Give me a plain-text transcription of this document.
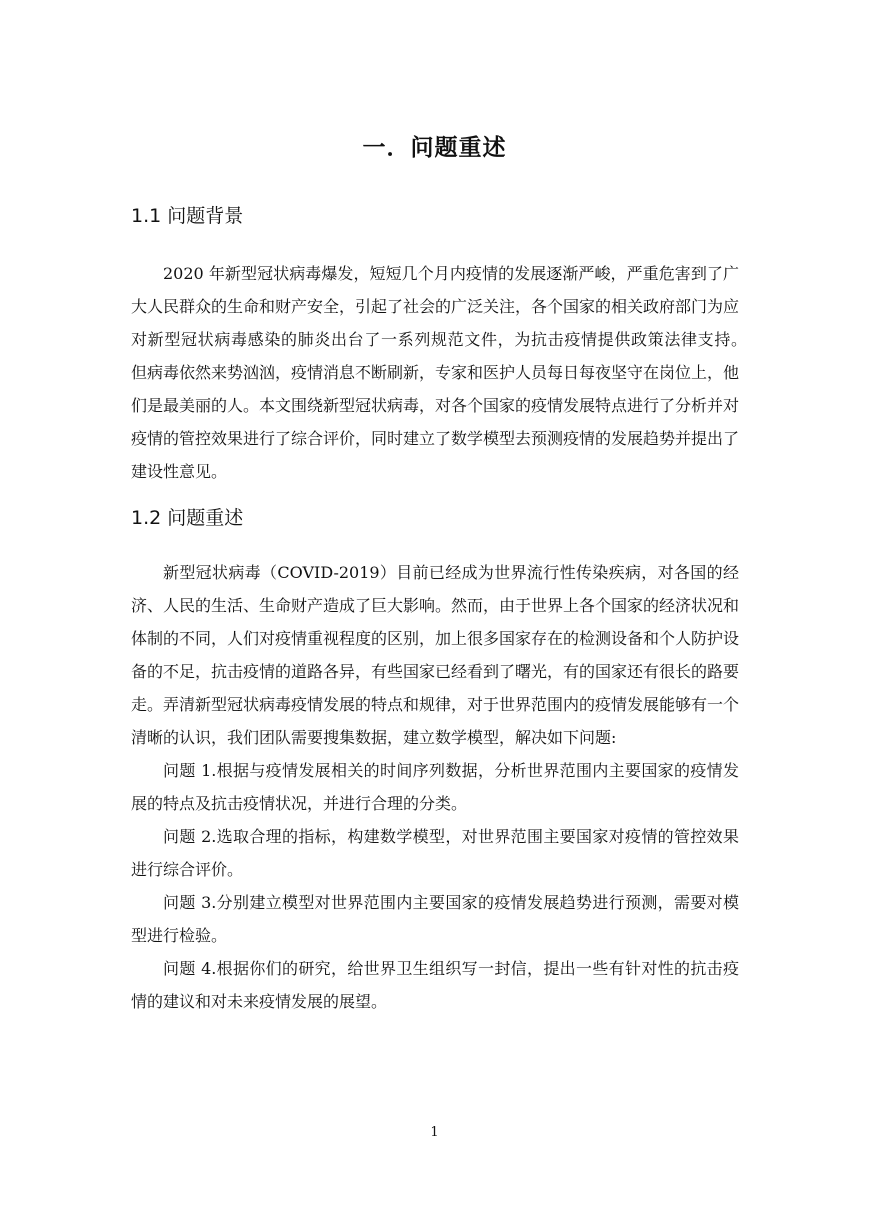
一．问题重述
1.1 问题背景

2020 年新型冠状病毒爆发，短短几个月内疫情的发展逐渐严峻，严重危害到了广大人民群众的生命和财产安全，引起了社会的广泛关注，各个国家的相关政府部门为应对新型冠状病毒感染的肺炎出台了一系列规范文件，为抗击疫情提供政策法律支持。　但病毒依然来势汹汹，疫情消息不断刷新，专家和医护人员每日每夜坚守在岗位上，他们是最美丽的人。本文围绕新型冠状病毒，对各个国家的疫情发展特点进行了分析并对疫情的管控效果进行了综合评价，同时建立了数学模型去预测疫情的发展趋势并提出了建设性意见。

1.2 问题重述

新型冠状病毒（COVID-2019）目前已经成为世界流行性传染疾病，对各国的经济、人民的生活、生命财产造成了巨大影响。然而，由于世界上各个国家的经济状况和体制的不同，人们对疫情重视程度的区别，加上很多国家存在的检测设备和个人防护设备的不足，抗击疫情的道路各异，有些国家已经看到了曙光，有的国家还有很长的路要走。弄清新型冠状病毒疫情发展的特点和规律，对于世界范围内的疫情发展能够有一个清晰的认识，我们团队需要搜集数据，建立数学模型，解决如下问题:

问题 1.根据与疫情发展相关的时间序列数据，分析世界范围内主要国家的疫情发展的特点及抗击疫情状况，并进行合理的分类。

问题 2.选取合理的指标，构建数学模型，对世界范围主要国家对疫情的管控效果进行综合评价。

问题 3.分别建立模型对世界范围内主要国家的疫情发展趋势进行预测，需要对模型进行检验。

问题 4.根据你们的研究，给世界卫生组织写一封信，提出一些有针对性的抗击疫情的建议和对未来疫情发展的展望。

1
